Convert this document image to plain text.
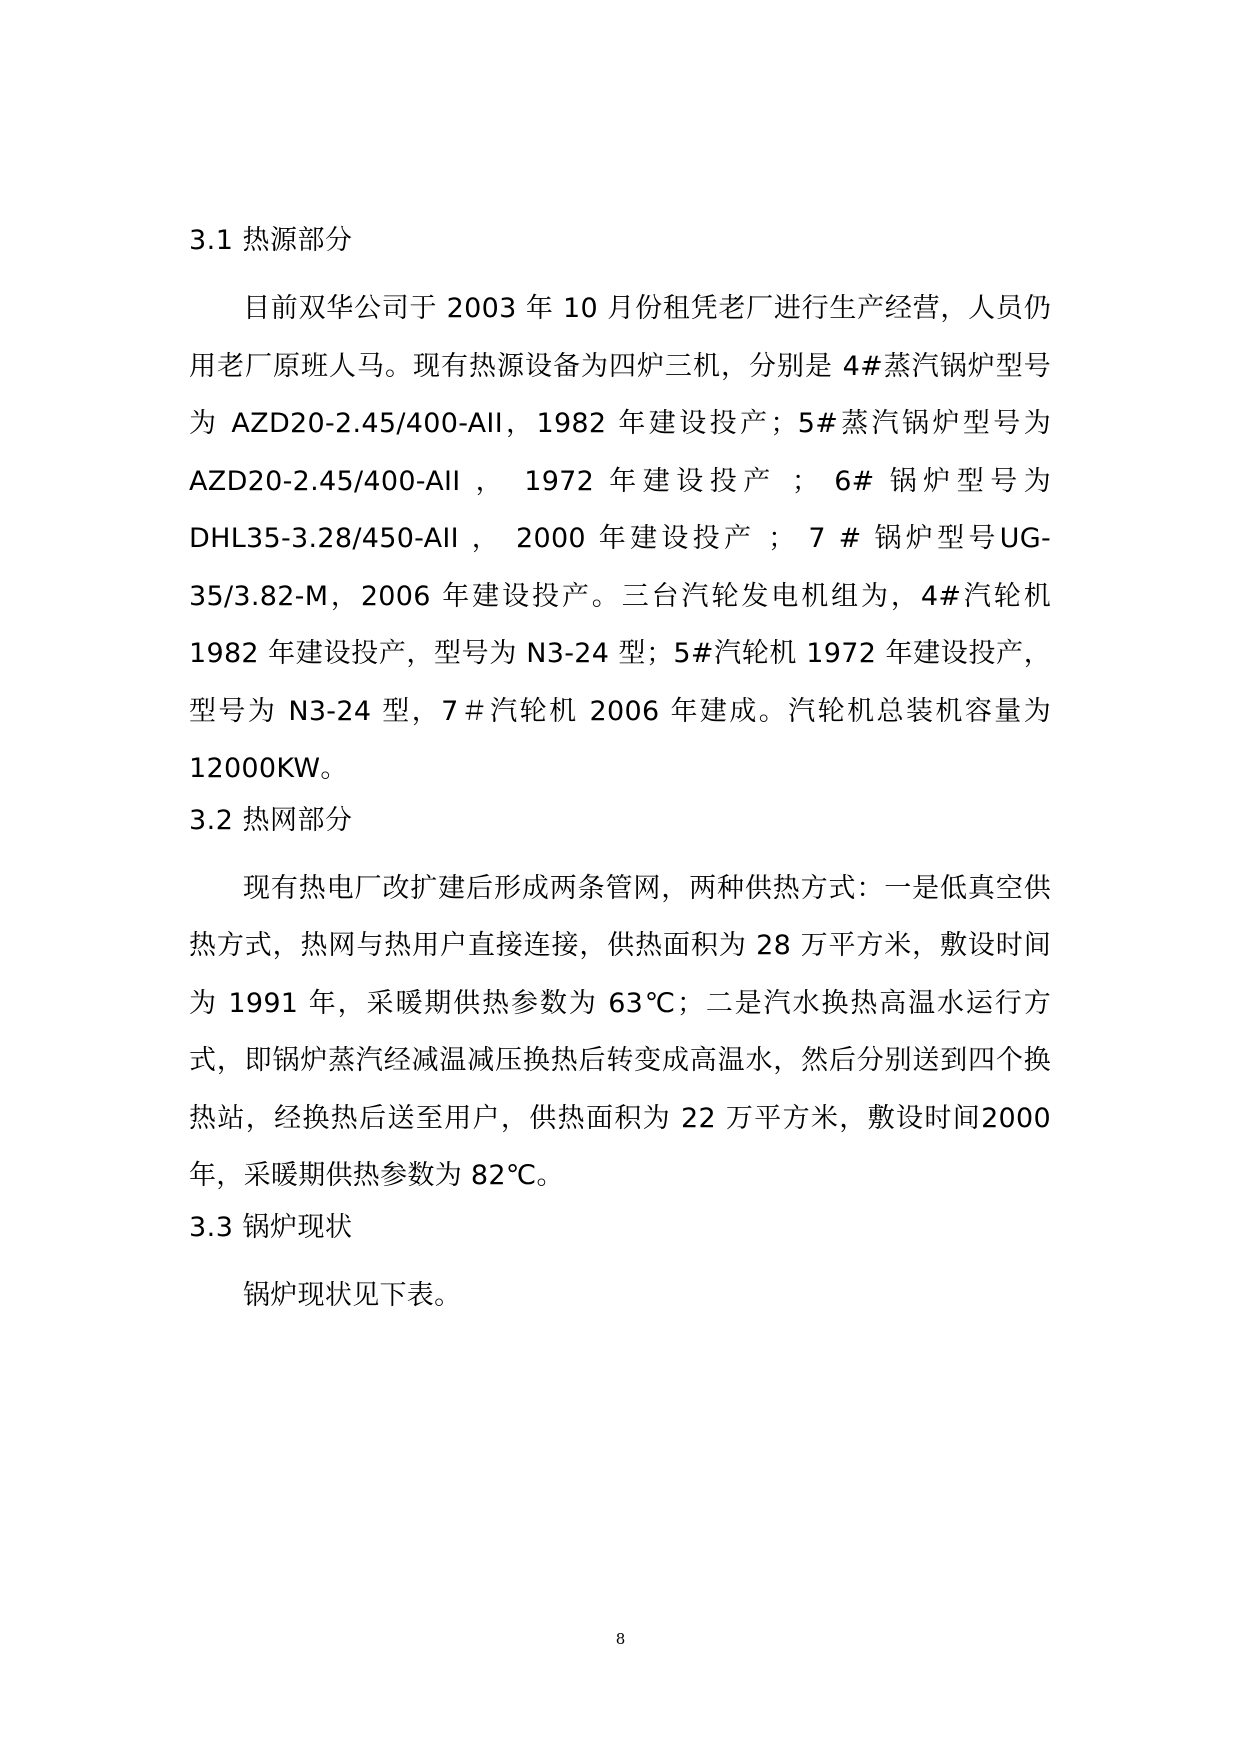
3.1 热源部分

目前双华公司于 2003 年 10 月份租凭老厂进行生产经营，人员仍用老厂原班人马。现有热源设备为四炉三机，分别是 4#蒸汽锅炉型号为 AZD20-2.45/400-AII，1982 年建设投产；5#蒸汽锅炉型号为AZD20-2.45/400-AII ， 1972 年建设投产 ； 6# 锅炉型号为DHL35-3.28/450-AII ， 2000 年建设投产 ； 7 # 锅炉型号UG-35/3.82-M，2006 年建设投产。三台汽轮发电机组为，4#汽轮机1982 年建设投产，型号为 N3-24 型；5#汽轮机 1972 年建设投产，型号为 N3-24 型，7＃汽轮机 2006 年建成。汽轮机总装机容量为12000KW。

3.2 热网部分

现有热电厂改扩建后形成两条管网，两种供热方式：一是低真空供热方式，热网与热用户直接连接，供热面积为 28 万平方米，敷设时间为 1991 年，采暖期供热参数为 63℃；二是汽水换热高温水运行方式，即锅炉蒸汽经减温减压换热后转变成高温水，然后分别送到四个换热站，经换热后送至用户，供热面积为 22 万平方米，敷设时间2000 年，采暖期供热参数为 82℃。

3.3 锅炉现状

锅炉现状见下表。

8
